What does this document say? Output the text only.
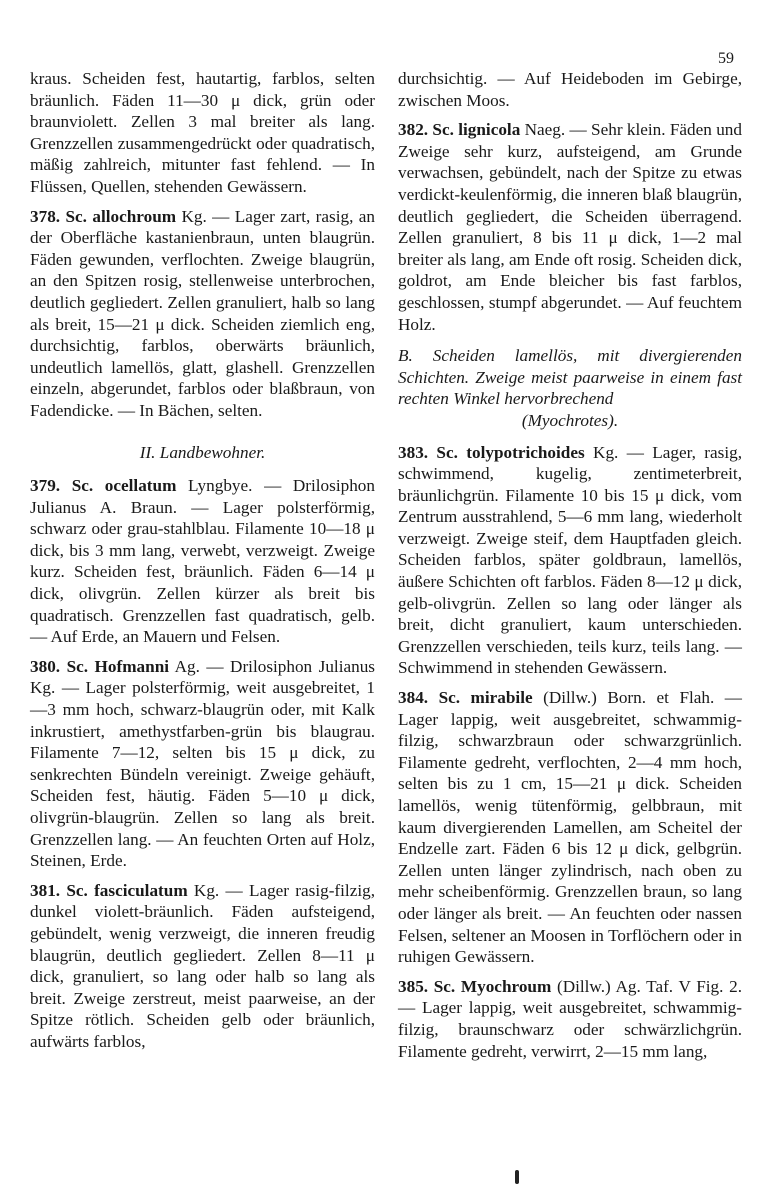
59

kraus. Scheiden fest, hautartig, farblos, selten bräunlich. Fäden 11—30 μ dick, grün oder braunviolett. Zellen 3 mal breiter als lang. Grenzzellen zusammengedrückt oder quadratisch, mäßig zahlreich, mitunter fast fehlend. — In Flüssen, Quellen, stehenden Gewässern.

378. Sc. allochroum Kg. — Lager zart, rasig, an der Oberfläche kastanienbraun, unten blaugrün. Fäden gewunden, verflochten. Zweige blaugrün, an den Spitzen rosig, stellenweise unterbrochen, deutlich gegliedert. Zellen granuliert, halb so lang als breit, 15—21 μ dick. Scheiden ziemlich eng, durchsichtig, farblos, oberwärts bräunlich, undeutlich lamellös, glatt, glashell. Grenzzellen einzeln, abgerundet, farblos oder blaßbraun, von Fadendicke. — In Bächen, selten.

II. Landbewohner.

379. Sc. ocellatum Lyngbye. — Drilosiphon Julianus A. Braun. — Lager polsterförmig, schwarz oder grau-stahlblau. Filamente 10—18 μ dick, bis 3 mm lang, verwebt, verzweigt. Zweige kurz. Scheiden fest, bräunlich. Fäden 6—14 μ dick, olivgrün. Zellen kürzer als breit bis quadratisch. Grenzzellen fast quadratisch, gelb. — Auf Erde, an Mauern und Felsen.

380. Sc. Hofmanni Ag. — Drilosiphon Julianus Kg. — Lager polsterförmig, weit ausgebreitet, 1—3 mm hoch, schwarz-blaugrün oder, mit Kalk inkrustiert, amethystfarben-grün bis blaugrau. Filamente 7—12, selten bis 15 μ dick, zu senkrechten Bündeln vereinigt. Zweige gehäuft, Scheiden fest, häutig. Fäden 5—10 μ dick, olivgrün-blaugrün. Zellen so lang als breit. Grenzzellen lang. — An feuchten Orten auf Holz, Steinen, Erde.

381. Sc. fasciculatum Kg. — Lager rasig-filzig, dunkel violett-bräunlich. Fäden aufsteigend, gebündelt, wenig verzweigt, die inneren freudig blaugrün, deutlich gegliedert. Zellen 8—11 μ dick, granuliert, so lang oder halb so lang als breit. Zweige zerstreut, meist paarweise, an der Spitze rötlich. Scheiden gelb oder bräunlich, aufwärts farblos,

durchsichtig. — Auf Heideboden im Gebirge, zwischen Moos.

382. Sc. lignicola Naeg. — Sehr klein. Fäden und Zweige sehr kurz, aufsteigend, am Grunde verwachsen, gebündelt, nach der Spitze zu etwas verdickt-keulenförmig, die inneren blaß blaugrün, deutlich gegliedert, die Scheiden überragend. Zellen granuliert, 8 bis 11 μ dick, 1—2 mal breiter als lang, am Ende oft rosig. Scheiden dick, goldrot, am Ende bleicher bis fast farblos, geschlossen, stumpf abgerundet. — Auf feuchtem Holz.

B. Scheiden lamellös, mit divergierenden Schichten. Zweige meist paarweise in einem fast rechten Winkel hervorbrechend
(Myochrotes).

383. Sc. tolypotrichoides Kg. — Lager, rasig, schwimmend, kugelig, zentimeterbreit, bräunlichgrün. Filamente 10 bis 15 μ dick, vom Zentrum ausstrahlend, 5—6 mm lang, wiederholt verzweigt. Zweige steif, dem Hauptfaden gleich. Scheiden farblos, später goldbraun, lamellös, äußere Schichten oft farblos. Fäden 8—12 μ dick, gelb-olivgrün. Zellen so lang oder länger als breit, dicht granuliert, kaum unterschieden. Grenzzellen verschieden, teils kurz, teils lang. — Schwimmend in stehenden Gewässern.

384. Sc. mirabile (Dillw.) Born. et Flah. — Lager lappig, weit ausgebreitet, schwammig-filzig, schwarzbraun oder schwarzgrünlich. Filamente gedreht, verflochten, 2—4 mm hoch, selten bis zu 1 cm, 15—21 μ dick. Scheiden lamellös, wenig tütenförmig, gelbbraun, mit kaum divergierenden Lamellen, am Scheitel der Endzelle zart. Fäden 6 bis 12 μ dick, gelbgrün. Zellen unten länger zylindrisch, nach oben zu mehr scheibenförmig. Grenzzellen braun, so lang oder länger als breit. — An feuchten oder nassen Felsen, seltener an Moosen in Torflöchern oder in ruhigen Gewässern.

385. Sc. Myochroum (Dillw.) Ag. Taf. V Fig. 2. — Lager lappig, weit ausgebreitet, schwammig-filzig, braunschwarz oder schwärzlichgrün. Filamente gedreht, verwirrt, 2—15 mm lang,
